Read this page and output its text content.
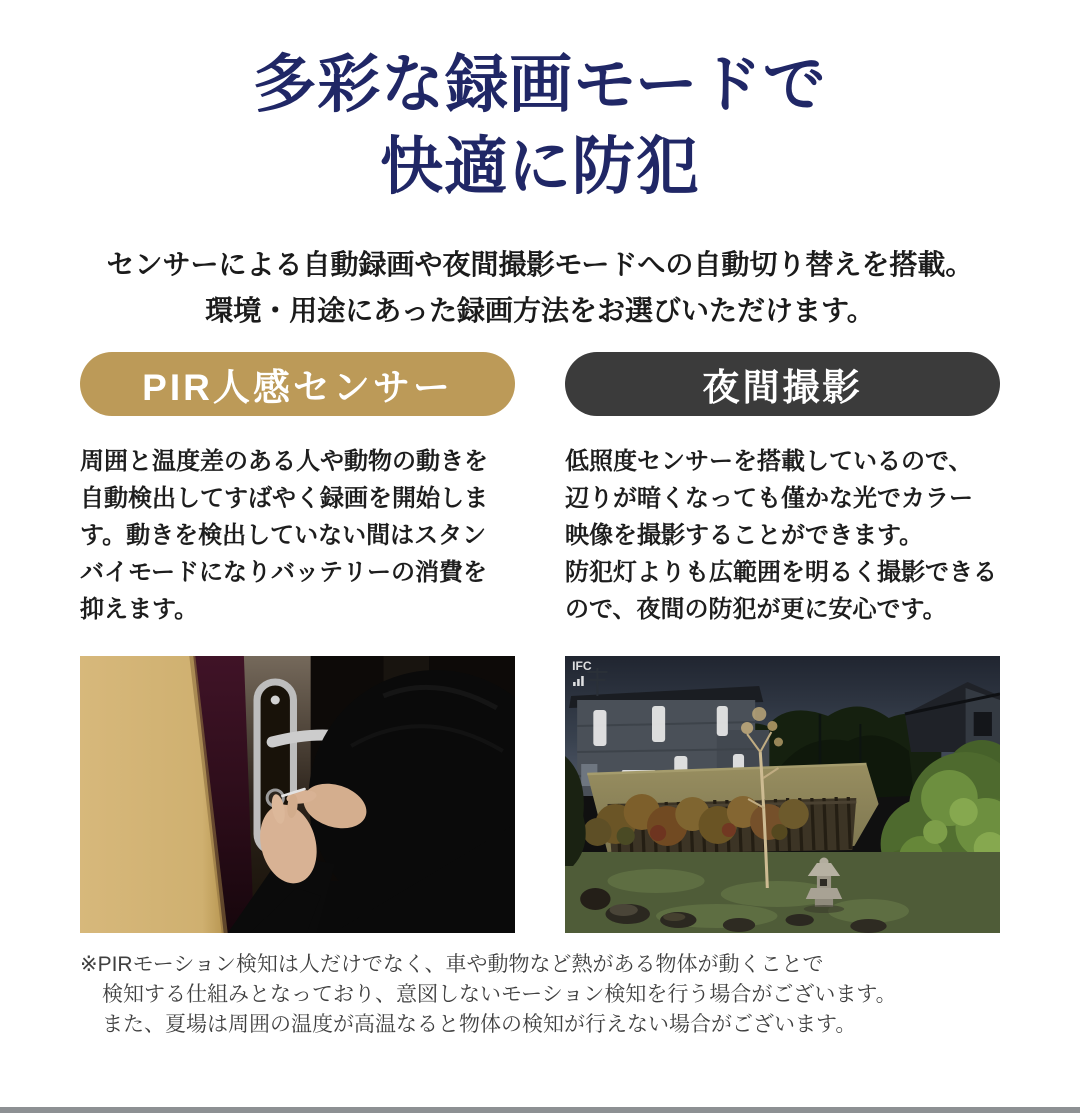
多彩な録画モードで
快適に防犯
センサーによる自動録画や夜間撮影モードへの自動切り替えを搭載。
環境・用途にあった録画方法をお選びいただけます。
PIR人感センサー
周囲と温度差のある人や動物の動きを
自動検出してすばやく録画を開始しま
す。動きを検出していない間はスタン
バイモードになりバッテリーの消費を
抑えます。
夜間撮影
低照度センサーを搭載しているので、
辺りが暗くなっても僅かな光でカラー
映像を撮影することができます。
防犯灯よりも広範囲を明るく撮影できる
ので、夜間の防犯が更に安心です。
IFC
※PIRモーション検知は人だけでなく、車や動物など熱がある物体が動くことで
検知する仕組みとなっており、意図しないモーション検知を行う場合がございます。
また、夏場は周囲の温度が高温なると物体の検知が行えない場合がございます。
